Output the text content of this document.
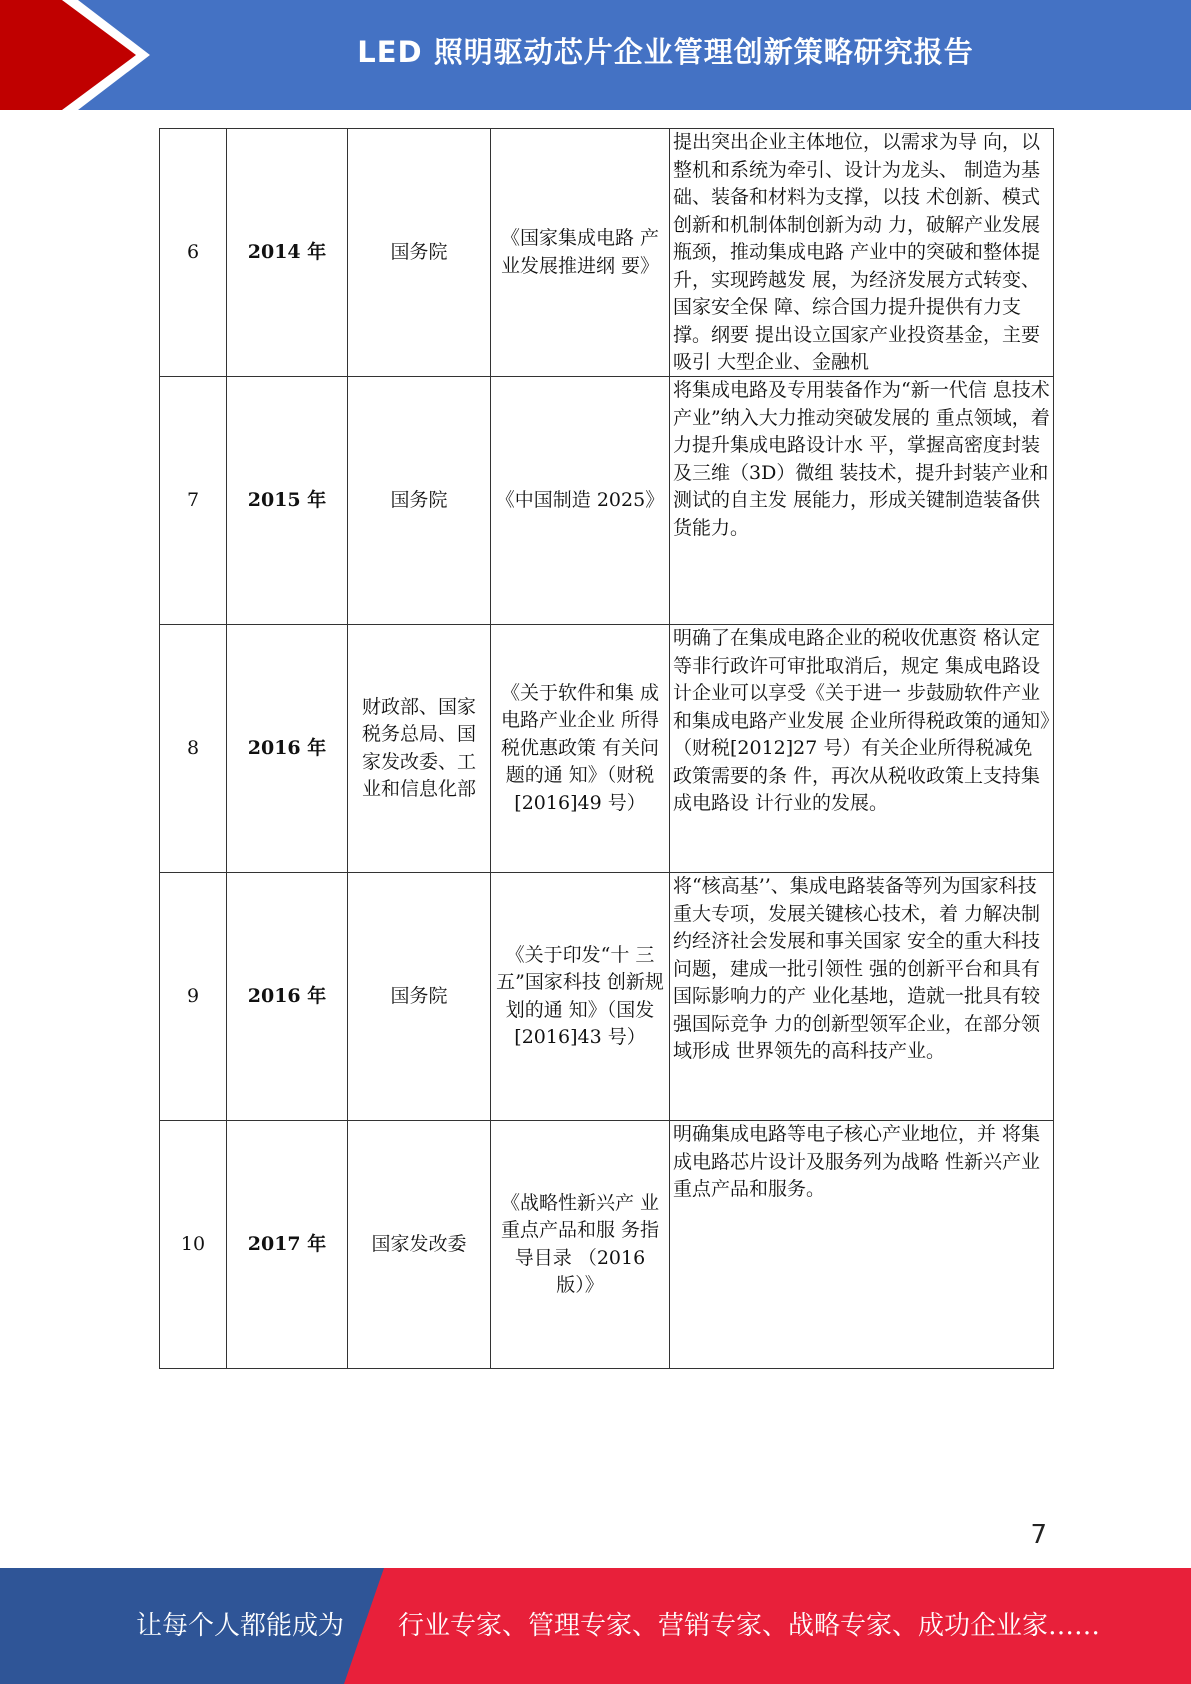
LED 照明驱动芯片企业管理创新策略研究报告
6	2014 年	国务院	《国家集成电路 产业发展推进纲 要》	提出突出企业主体地位，以需求为导 向，以整机和系统为牵引、设计为龙头、 制造为基础、装备和材料为支撑，以技 术创新、模式创新和机制体制创新为动 力，破解产业发展瓶颈，推动集成电路 产业中的突破和整体提升，实现跨越发 展，为经济发展方式转变、国家安全保 障、综合国力提升提供有力支撑。纲要 提出设立国家产业投资基金，主要吸引 大型企业、金融机

7	2015 年	国务院	《中国制造 2025》	将集成电路及专用装备作为“新一代信 息技术产业”纳入大力推动突破发展的 重点领域，着力提升集成电路设计水 平，掌握高密度封装及三维（3D）微组 装技术，提升封装产业和测试的自主发 展能力，形成关键制造装备供货能力。

8	2016 年	财政部、国家税务总局、国家发改委、工业和信息化部	《关于软件和集 成电路产业企业 所得税优惠政策 有关问题的通 知》（财税 [2016]49 号）	明确了在集成电路企业的税收优惠资 格认定等非行政许可审批取消后，规定 集成电路设计企业可以享受《关于进一 步鼓励软件产业和集成电路产业发展 企业所得税政策的通知》（财税[2012]27 号）有关企业所得税减免政策需要的条 件，再次从税收政策上支持集成电路设 计行业的发展。

9	2016 年	国务院	《关于印发“十 三五”国家科技 创新规划的通 知》（国发 [2016]43 号）	将“核高基’’、集成电路装备等列为国家科技重大专项，发展关键核心技术，着 力解决制约经济社会发展和事关国家 安全的重大科技问题，建成一批引领性 强的创新平台和具有国际影响力的产 业化基地，造就一批具有较强国际竞争 力的创新型领军企业，在部分领域形成 世界领先的高科技产业。

10	2017 年	国家发改委	《战略性新兴产 业重点产品和服 务指导目录 （2016 版）》	明确集成电路等电子核心产业地位，并 将集成电路芯片设计及服务列为战略 性新兴产业重点产品和服务。
7
让每个人都能成为	行业专家、管理专家、营销专家、战略专家、成功企业家……
